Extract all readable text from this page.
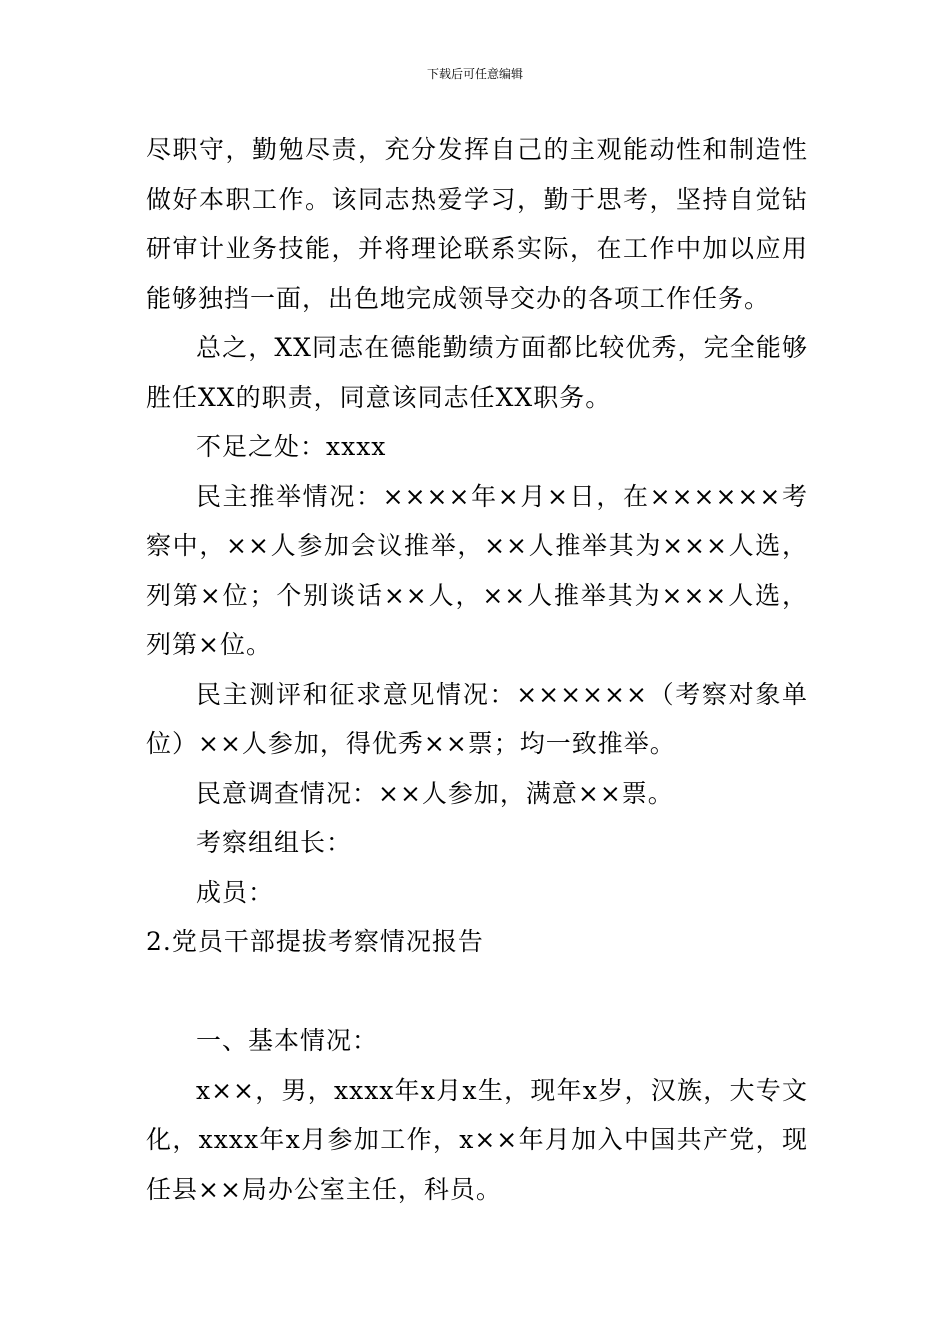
下载后可任意编辑

尽职守，勤勉尽责，充分发挥自己的主观能动性和制造性做好本职工作。该同志热爱学习，勤于思考，坚持自觉钻研审计业务技能，并将理论联系实际，在工作中加以应用能够独挡一面，出色地完成领导交办的各项工作任务。

总之，XX同志在德能勤绩方面都比较优秀，完全能够胜任XX的职责，同意该同志任XX职务。

不足之处：xxxx

民主推举情况：××××年×月×日，在××××××考察中，××人参加会议推举，××人推举其为×××人选，列第×位；个别谈话××人，××人推举其为×××人选，列第×位。

民主测评和征求意见情况：××××××（考察对象单位）××人参加，得优秀××票；均一致推举。

民意调查情况：××人参加，满意××票。

考察组组长：

成员：

2.党员干部提拔考察情况报告

一、基本情况：

x××，男，xxxx年x月x生，现年x岁，汉族，大专文化，xxxx年x月参加工作，x××年月加入中国共产党，现任县××局办公室主任，科员。
